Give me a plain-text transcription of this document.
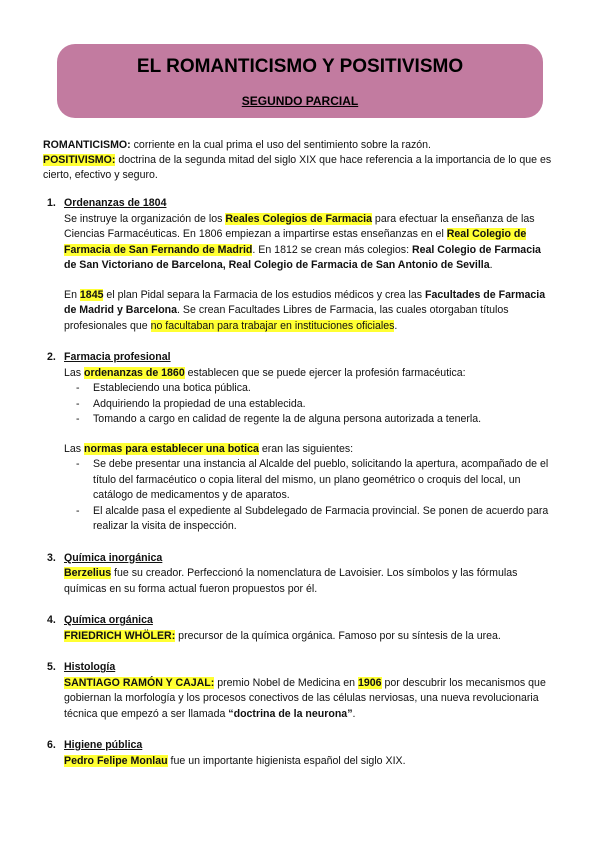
EL ROMANTICISMO Y POSITIVISMO
SEGUNDO PARCIAL

ROMANTICISMO: corriente en la cual prima el uso del sentimiento sobre la razón.

POSITIVISMO: doctrina de la segunda mitad del siglo XIX que hace referencia a la importancia de lo que es cierto, efectivo y seguro.

1. Ordenanzas de 1804

Se instruye la organización de los Reales Colegios de Farmacia para efectuar la enseñanza de las Ciencias Farmacéuticas. En 1806 empiezan a impartirse estas enseñanzas en el Real Colegio de Farmacia de San Fernando de Madrid. En 1812 se crean más colegios: Real Colegio de Farmacia de San Victoriano de Barcelona, Real Colegio de Farmacia de San Antonio de Sevilla.

En 1845 el plan Pidal separa la Farmacia de los estudios médicos y crea las Facultades de Farmacia de Madrid y Barcelona. Se crean Facultades Libres de Farmacia, las cuales otorgaban títulos profesionales que no facultaban para trabajar en instituciones oficiales.

2. Farmacia profesional

Las ordenanzas de 1860 establecen que se puede ejercer la profesión farmacéutica:

- Estableciendo una botica pública.
- Adquiriendo la propiedad de una establecida.
- Tomando a cargo en calidad de regente la de alguna persona autorizada a tenerla.

Las normas para establecer una botica eran las siguientes:

- Se debe presentar una instancia al Alcalde del pueblo, solicitando la apertura, acompañado de el título del farmacéutico o copia literal del mismo, un plano geométrico o croquis del local, un catálogo de medicamentos y de aparatos.
- El alcalde pasa el expediente al Subdelegado de Farmacia provincial. Se ponen de acuerdo para realizar la visita de inspección.
3. Química inorgánica

Berzelius fue su creador. Perfeccionó la nomenclatura de Lavoisier. Los símbolos y las fórmulas químicas en su forma actual fueron propuestos por él.

4. Química orgánica

FRIEDRICH WHÖLER: precursor de la química orgánica. Famoso por su síntesis de la urea.

5. Histología

SANTIAGO RAMÓN Y CAJAL: premio Nobel de Medicina en 1906 por descubrir los mecanismos que gobiernan la morfología y los procesos conectivos de las células nerviosas, una nueva revolucionaria técnica que empezó a ser llamada “doctrina de la neurona”.

6. Higiene pública

Pedro Felipe Monlau fue un importante higienista español del siglo XIX.
